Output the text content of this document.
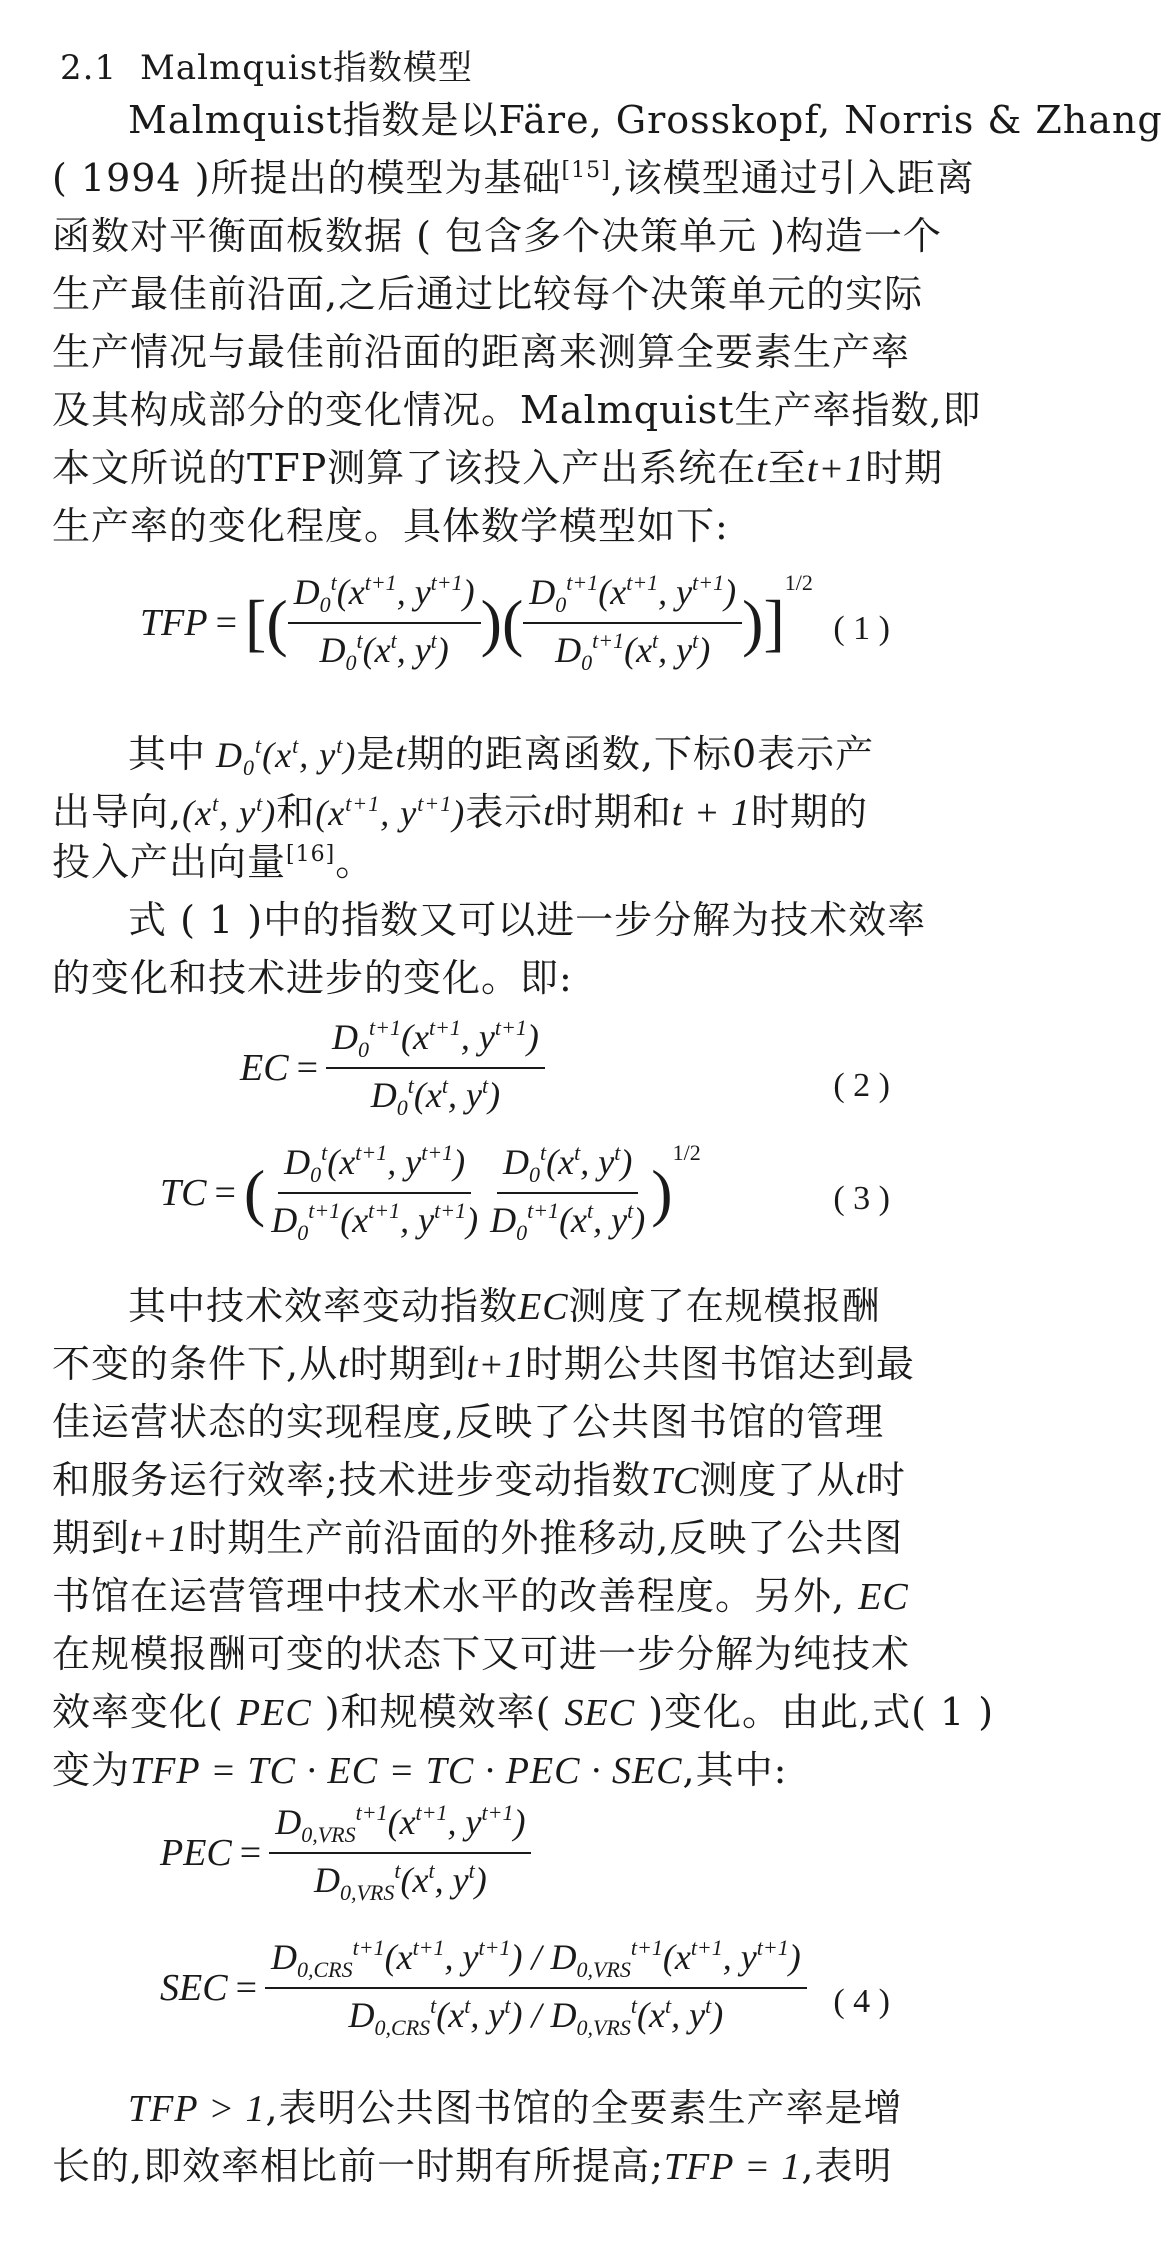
2.1 Malmquist指数模型
Malmquist指数是以Färe, Grosskopf, Norris & Zhang
( 1994 )所提出的模型为基础[15],该模型通过引入距离
函数对平衡面板数据 ( 包含多个决策单元 )构造一个
生产最佳前沿面,之后通过比较每个决策单元的实际
生产情况与最佳前沿面的距离来测算全要素生产率
及其构成部分的变化情况。Malmquist生产率指数,即
本文所说的TFP测算了该投入产出系统在t至t+1时期
生产率的变化程度。具体数学模型如下:
TFP = [ ( $\frac{D_0^t(x^{t+1}, y^{t+1})}{D_0^t(x^t, y^t)}$ ) ( $\frac{D_0^{t+1}(x^{t+1}, y^{t+1})}{D_0^{t+1}(x^t, y^t)}$ ) ]
1/2
( 1 )
其中 $D_0^t(x^t$, $y^t$)是t期的距离函数,下标0表示产
出导向$,(x^t$, $y^t$)和($x^{t+1}$, $y^{t+1}$)表示t时期和t + 1时期的
投入产出向量[16]。
式 ( 1 )中的指数又可以进一步分解为技术效率
的变化和技术进步的变化。即:
EC = $\frac{D_0^{t+1}(x^{t+1}, y^{t+1})}{D_0^t(x^t, y^t)}$	( 2 )
TC = ( $\frac{D_0^t(x^{t+1}, y^{t+1})}{D_0^{t+1}(x^{t+1}, y^{t+1})} \frac{D_0^t(x^t, y^t)}{D_0^{t+1}(x^t, y^t)}$ )
1/2
( 3 )
其中技术效率变动指数EC测度了在规模报酬
不变的条件下,从t时期到t+1时期公共图书馆达到最
佳运营状态的实现程度,反映了公共图书馆的管理
和服务运行效率;技术进步变动指数TC测度了从t时
期到t+1时期生产前沿面的外推移动,反映了公共图
书馆在运营管理中技术水平的改善程度。另外, EC
在规模报酬可变的状态下又可进一步分解为纯技术
效率变化( PEC )和规模效率( SEC )变化。由此,式( 1 )
变为TFP = TC · EC = TC · PEC · SEC,其中:
PEC = $\frac{D_{0,VRS}^{t+1}(x^{t+1}, y^{t+1})}{D_{0,VRS}^t(x^t, y^t)}$
SEC = $\frac{D_{0,CRS}^{t+1}(x^{t+1}, y^{t+1}) / D_{0,VRS}^{t+1}(x^{t+1}, y^{t+1})}{D_{0,CRS}^t(x^t, y^t) / D_{0,VRS}^t(x^t, y^t)}$ ( 4 )
TFP > 1,表明公共图书馆的全要素生产率是增
长的,即效率相比前一时期有所提高;TFP = 1,表明
